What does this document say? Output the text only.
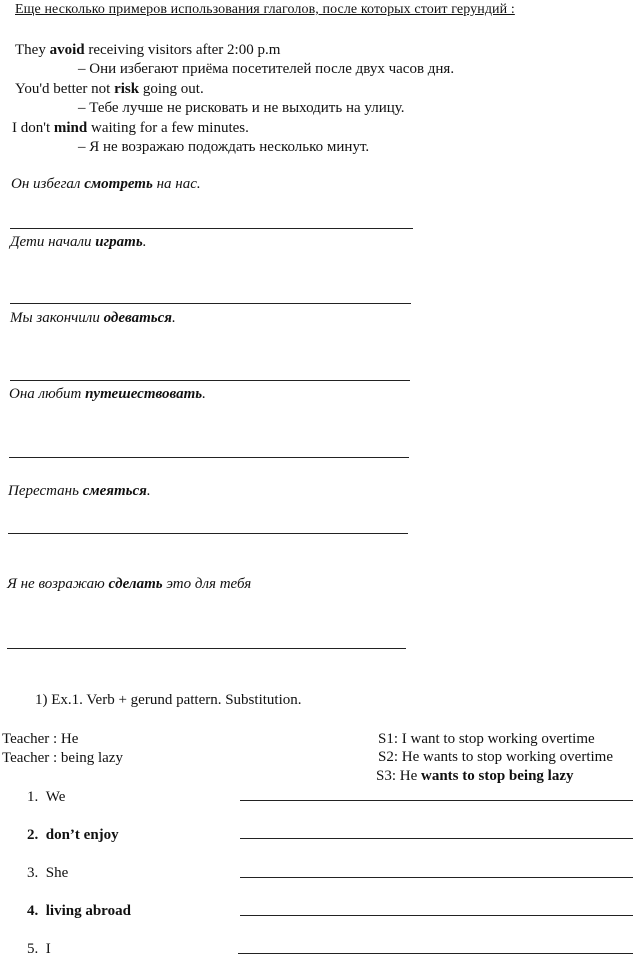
Еще несколько примеров использования глаголов, после которых стоит герундий :
They avoid receiving visitors after 2:00 p.m
– Они избегают приёма посетителей после двух часов дня.
You'd better not risk going out.
– Тебе лучше не рисковать и не выходить на улицу.
I don't mind waiting for a few minutes.
– Я не возражаю подождать несколько минут.
Он избегал смотреть на нас.
Дети начали играть.
Мы закончили одеваться.
Она любит путешествовать.
Перестань смеяться.
Я не возражаю сделать это для тебя
1) Ex.1. Verb + gerund pattern. Substitution.
Teacher : He
Teacher : being lazy
S1: I want to stop working overtime
S2: He wants to stop working overtime
S3: He wants to stop being lazy
1. We
2. don’t enjoy
3. She
4. living abroad
5. I
